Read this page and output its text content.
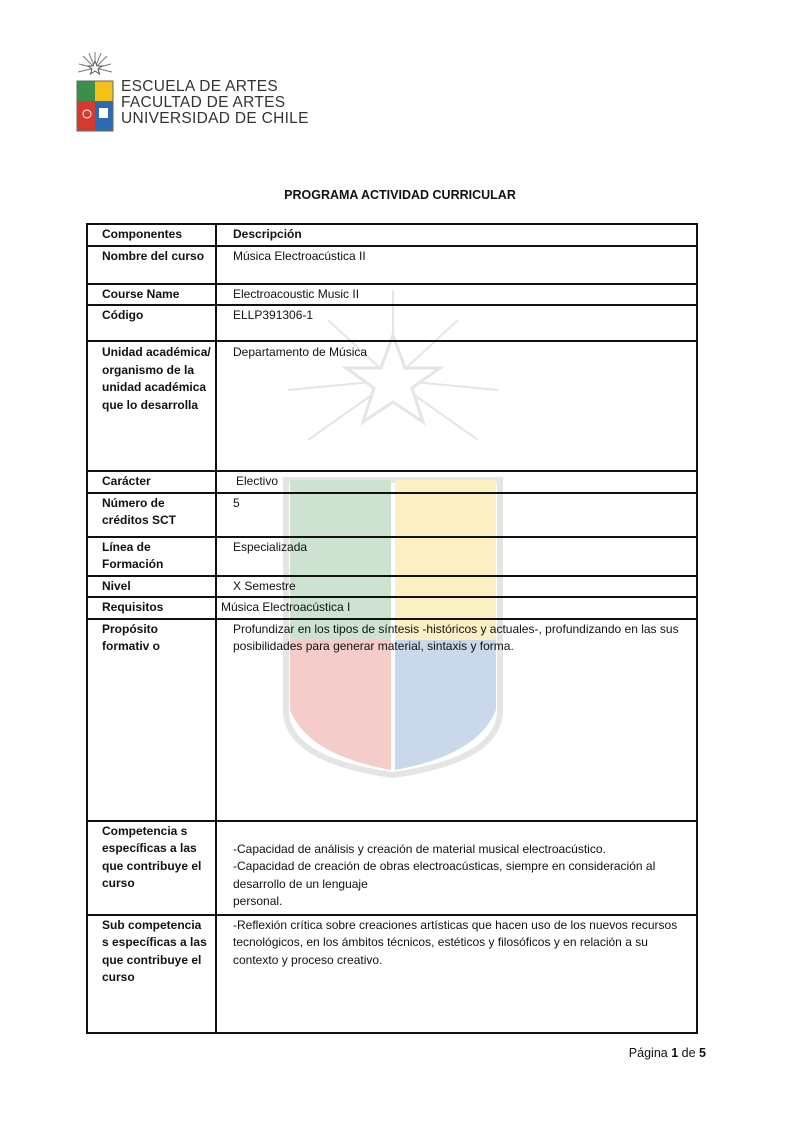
ESCUELA DE ARTES
FACULTAD DE ARTES
UNIVERSIDAD DE CHILE
PROGRAMA ACTIVIDAD CURRICULAR
Componentes	Descripción
Nombre del curso	Música Electroacústica II
Course Name	Electroacoustic Music II
Código	ELLP391306-1
Unidad académica/ organismo de la unidad académica que lo desarrolla	Departamento de Música
Carácter	Electivo
Número de créditos SCT	5
Línea de Formación	Especializada
Nivel	X Semestre
Requisitos	Música Electroacústica I
Propósito formativ o	Profundizar en los tipos de síntesis -históricos y actuales-, profundizando en las sus posibilidades para generar material, sintaxis y forma.
Competencia s específicas a las que contribuye el curso	-Capacidad de análisis y creación de material musical electroacústico.
-Capacidad de creación de obras electroacústicas, siempre en consideración al desarrollo de un lenguaje
personal.

Sub competencia s específicas a las que contribuye el curso	-Reflexión crítica sobre creaciones artísticas que hacen uso de los nuevos recursos tecnológicos, en los ámbitos técnicos, estéticos y filosóficos y en relación a su contexto y proceso creativo.
Página 1 de 5
